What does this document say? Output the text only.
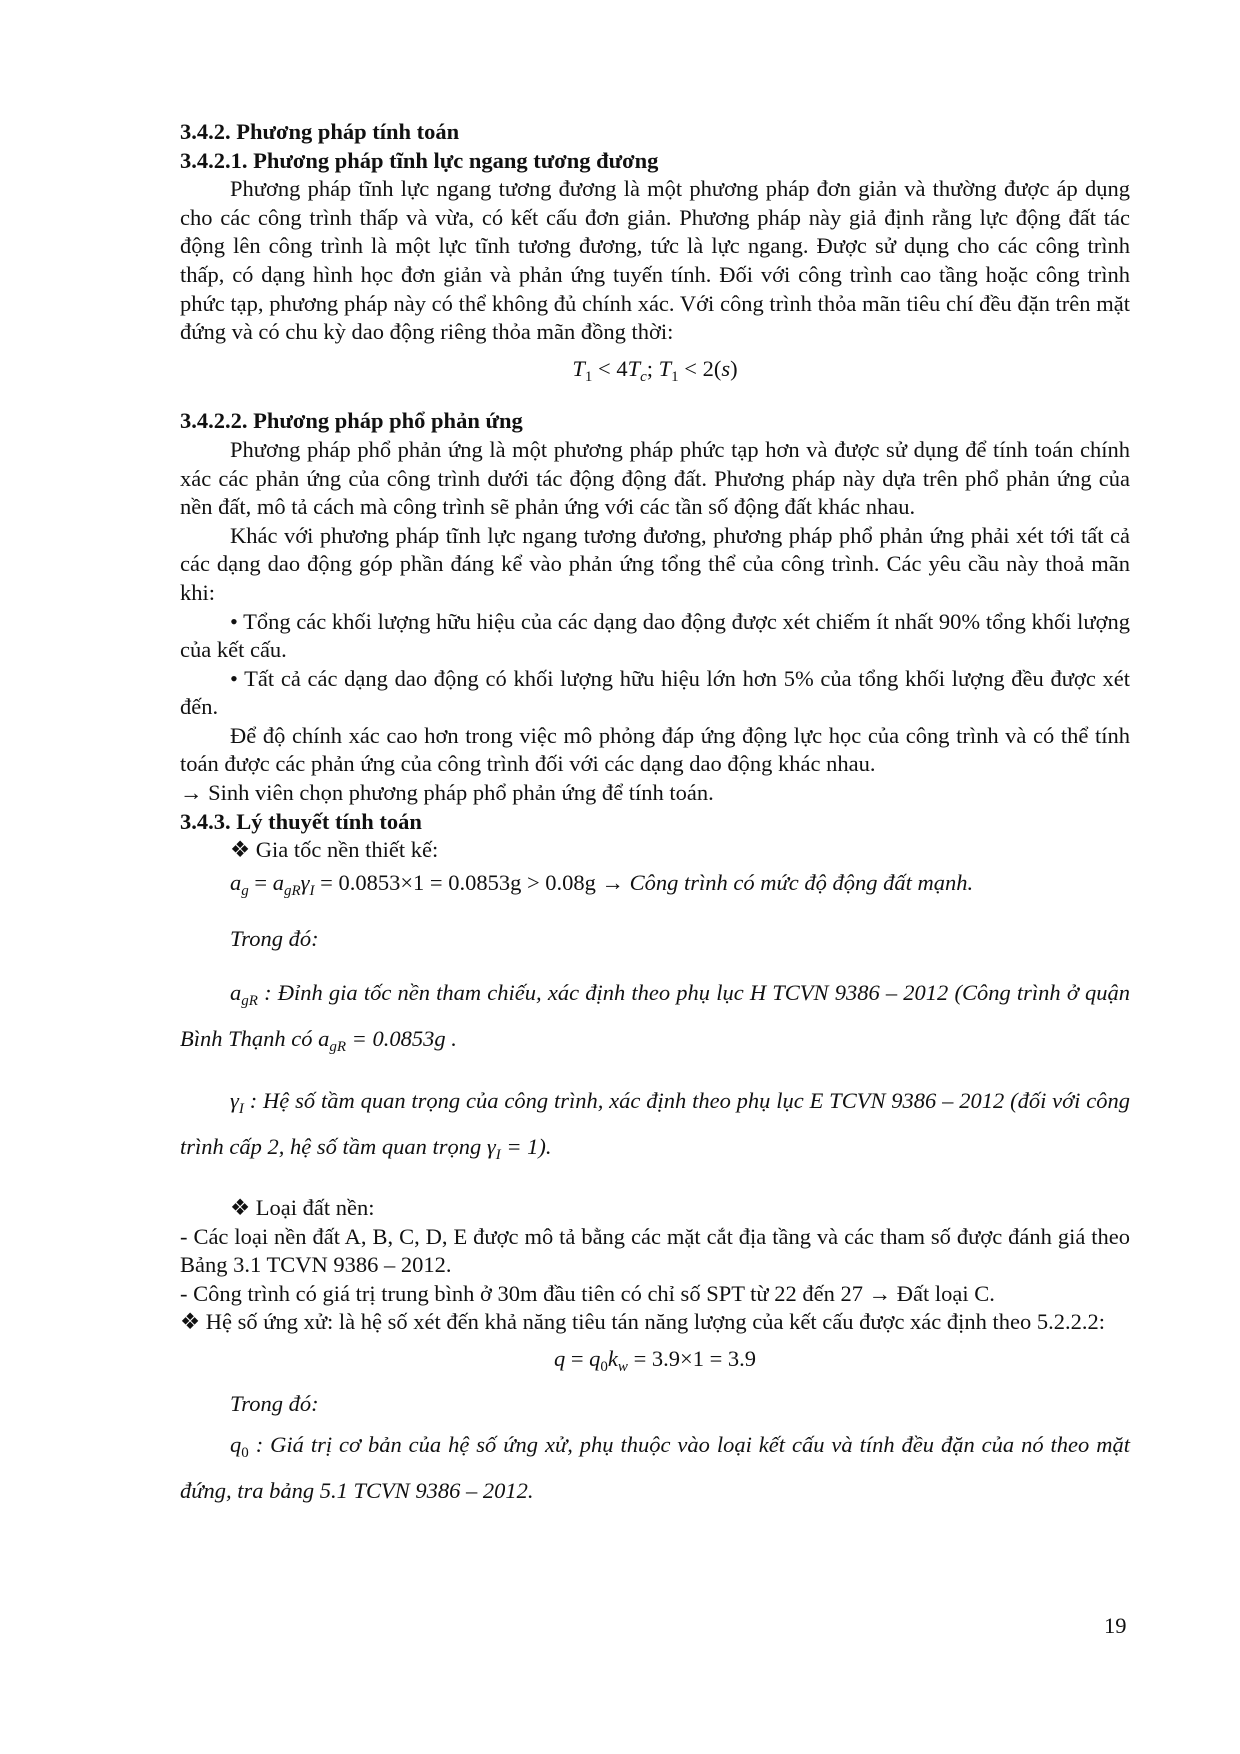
3.4.2. Phương pháp tính toán

3.4.2.1. Phương pháp tĩnh lực ngang tương đương

Phương pháp tĩnh lực ngang tương đương là một phương pháp đơn giản và thường được áp dụng cho các công trình thấp và vừa, có kết cấu đơn giản. Phương pháp này giả định rằng lực động đất tác động lên công trình là một lực tĩnh tương đương, tức là lực ngang. Được sử dụng cho các công trình thấp, có dạng hình học đơn giản và phản ứng tuyến tính. Đối với công trình cao tầng hoặc công trình phức tạp, phương pháp này có thể không đủ chính xác. Với công trình thỏa mãn tiêu chí đều đặn trên mặt đứng và có chu kỳ dao động riêng thỏa mãn đồng thời:

$T_1 < 4T_c$; $T_1 < 2(s)$

3.4.2.2. Phương pháp phổ phản ứng

Phương pháp phổ phản ứng là một phương pháp phức tạp hơn và được sử dụng để tính toán chính xác các phản ứng của công trình dưới tác động động đất. Phương pháp này dựa trên phổ phản ứng của nền đất, mô tả cách mà công trình sẽ phản ứng với các tần số động đất khác nhau.

Khác với phương pháp tĩnh lực ngang tương đương, phương pháp phổ phản ứng phải xét tới tất cả các dạng dao động góp phần đáng kể vào phản ứng tổng thể của công trình. Các yêu cầu này thoả mãn khi:

• Tổng các khối lượng hữu hiệu của các dạng dao động được xét chiếm ít nhất 90% tổng khối lượng của kết cấu.

• Tất cả các dạng dao động có khối lượng hữu hiệu lớn hơn 5% của tổng khối lượng đều được xét đến.

Để độ chính xác cao hơn trong việc mô phỏng đáp ứng động lực học của công trình và có thể tính toán được các phản ứng của công trình đối với các dạng dao động khác nhau.

→ Sinh viên chọn phương pháp phổ phản ứng để tính toán.

3.4.3. Lý thuyết tính toán

❖ Gia tốc nền thiết kế:

$a_g = a_{gR}\gamma_I = 0.0853\times 1 = 0.0853g > 0.08g$ → Công trình có mức độ động đất mạnh.

Trong đó:

$a_{gR}$ : Đỉnh gia tốc nền tham chiếu, xác định theo phụ lục H TCVN 9386 – 2012 (Công trình ở quận Bình Thạnh có $a_{gR} = 0.0853g$ .

$\gamma_I$ : Hệ số tầm quan trọng của công trình, xác định theo phụ lục E TCVN 9386 – 2012 (đối với công trình cấp 2, hệ số tầm quan trọng $\gamma_I = 1$).

❖ Loại đất nền:

- Các loại nền đất A, B, C, D, E được mô tả bằng các mặt cắt địa tầng và các tham số được đánh giá theo Bảng 3.1 TCVN 9386 – 2012.

- Công trình có giá trị trung bình ở 30m đầu tiên có chỉ số SPT từ 22 đến 27 → Đất loại C.

❖ Hệ số ứng xử: là hệ số xét đến khả năng tiêu tán năng lượng của kết cấu được xác định theo 5.2.2.2:

$q = q_0k_w = 3.9\times 1 = 3.9$

Trong đó:

$q_0$ : Giá trị cơ bản của hệ số ứng xử, phụ thuộc vào loại kết cấu và tính đều đặn của nó theo mặt đứng, tra bảng 5.1 TCVN 9386 – 2012.

19
